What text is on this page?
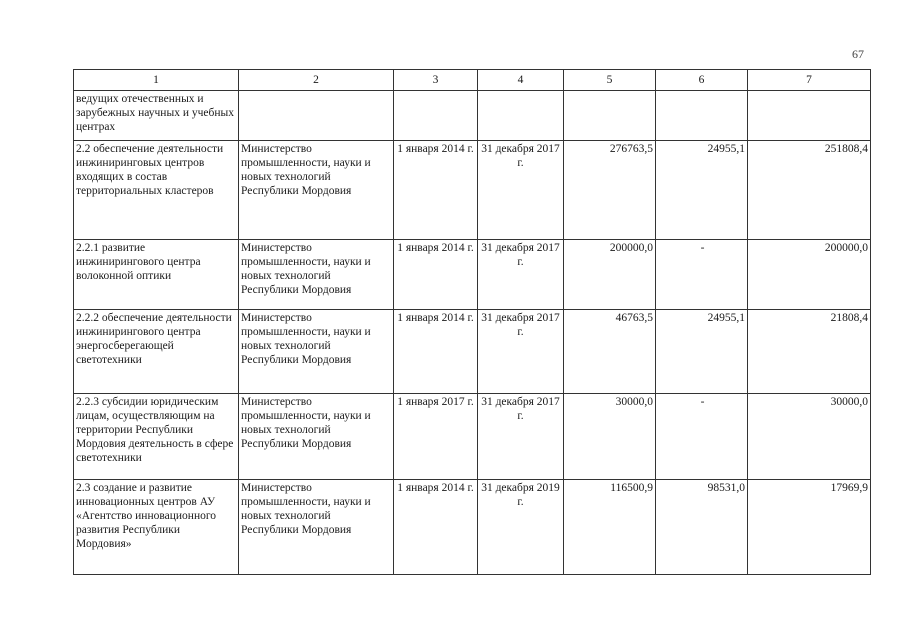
67
1	2	3	4	5	6	7
ведущих отечественных и зарубежных научных и учебных центрах						
2.2 обеспечение деятельности инжиниринговых центров входящих в состав территориальных кластеров	Министерство промышленности, науки и новых технологий Республики Мордовия	1 января 2014 г.	31 декабря 2017 г.	276763,5	24955,1	251808,4
2.2.1 развитие инжинирингового центра волоконной оптики	Министерство промышленности, науки и новых технологий Республики Мордовия	1 января 2014 г.	31 декабря 2017 г.	200000,0	-	200000,0
2.2.2 обеспечение деятельности инжинирингового центра энергосберегающей светотехники	Министерство промышленности, науки и новых технологий Республики Мордовия	1 января 2014 г.	31 декабря 2017 г.	46763,5	24955,1	21808,4
2.2.3 субсидии юридическим лицам, осуществляющим на территории Республики Мордовия деятельность в сфере светотехники	Министерство промышленности, науки и новых технологий Республики Мордовия	1 января 2017 г.	31 декабря 2017 г.	30000,0	-	30000,0
2.3 создание и развитие инновационных центров АУ «Агентство инновационного развития Республики Мордовия»	Министерство промышленности, науки и новых технологий Республики Мордовия	1 января 2014 г.	31 декабря 2019 г.	116500,9	98531,0	17969,9
